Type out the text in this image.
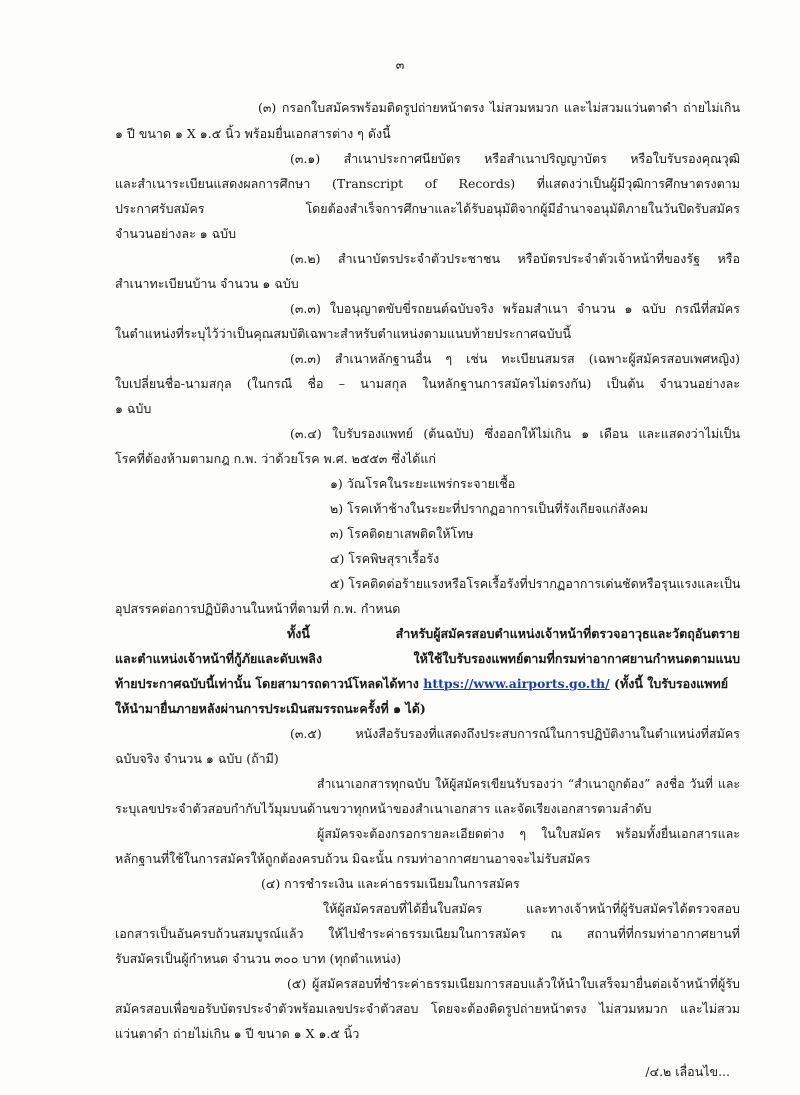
๓
(๓) กรอกใบสมัครพร้อมติดรูปถ่ายหน้าตรง ไม่สวมหมวก และไม่สวมแว่นตาดำ ถ่ายไม่เกิน
๑ ปี ขนาด ๑ X ๑.๕ นิ้ว พร้อมยื่นเอกสารต่าง ๆ ดังนี้
(๓.๑) สำเนาประกาศนียบัตร หรือสำเนาปริญญาบัตร หรือใบรับรองคุณวุฒิ
และสำเนาระเบียนแสดงผลการศึกษา (Transcript of Records) ที่แสดงว่าเป็นผู้มีวุฒิการศึกษาตรงตาม
ประกาศรับสมัคร โดยต้องสำเร็จการศึกษาและได้รับอนุมัติจากผู้มีอำนาจอนุมัติภายในวันปิดรับสมัคร
จำนวนอย่างละ ๑ ฉบับ
(๓.๒) สำเนาบัตรประจำตัวประชาชน หรือบัตรประจำตัวเจ้าหน้าที่ของรัฐ หรือ
สำเนาทะเบียนบ้าน จำนวน ๑ ฉบับ
(๓.๓) ใบอนุญาตขับขี่รถยนต์ฉบับจริง พร้อมสำเนา จำนวน ๑ ฉบับ กรณีที่สมัคร
ในตำแหน่งที่ระบุไว้ว่าเป็นคุณสมบัติเฉพาะสำหรับตำแหน่งตามแนบท้ายประกาศฉบับนี้
(๓.๓) สำเนาหลักฐานอื่น ๆ เช่น ทะเบียนสมรส (เฉพาะผู้สมัครสอบเพศหญิง)
ใบเปลี่ยนชื่อ-นามสกุล (ในกรณี ชื่อ – นามสกุล ในหลักฐานการสมัครไม่ตรงกัน) เป็นต้น จำนวนอย่างละ
๑ ฉบับ
(๓.๔) ใบรับรองแพทย์ (ต้นฉบับ) ซึ่งออกให้ไม่เกิน ๑ เดือน และแสดงว่าไม่เป็น
โรคที่ต้องห้ามตามกฎ ก.พ. ว่าด้วยโรค พ.ศ. ๒๕๕๓ ซึ่งได้แก่
๑) วัณโรคในระยะแพร่กระจายเชื้อ
๒) โรคเท้าช้างในระยะที่ปรากฏอาการเป็นที่รังเกียจแก่สังคม
๓) โรคติดยาเสพติดให้โทษ
๔) โรคพิษสุราเรื้อรัง
๕) โรคติดต่อร้ายแรงหรือโรคเรื้อรังที่ปรากฏอาการเด่นชัดหรือรุนแรงและเป็น
อุปสรรคต่อการปฏิบัติงานในหน้าที่ตามที่ ก.พ. กำหนด
ทั้งนี้ สำหรับผู้สมัครสอบตำแหน่งเจ้าหน้าที่ตรวจอาวุธและวัตถุอันตราย
และตำแหน่งเจ้าหน้าที่กู้ภัยและดับเพลิง ให้ใช้ใบรับรองแพทย์ตามที่กรมท่าอากาศยานกำหนดตามแนบ
ท้ายประกาศฉบับนี้เท่านั้น โดยสามารถดาวน์โหลดได้ทาง https://www.airports.go.th/ (ทั้งนี้ ใบรับรองแพทย์
ให้นำมายื่นภายหลังผ่านการประเมินสมรรถนะครั้งที่ ๑ ได้)
(๓.๕) หนังสือรับรองที่แสดงถึงประสบการณ์ในการปฏิบัติงานในตำแหน่งที่สมัคร
ฉบับจริง จำนวน ๑ ฉบับ (ถ้ามี)
สำเนาเอกสารทุกฉบับ ให้ผู้สมัครเขียนรับรองว่า “สำเนาถูกต้อง” ลงชื่อ วันที่ และ
ระบุเลขประจำตัวสอบกำกับไว้มุมบนด้านขวาทุกหน้าของสำเนาเอกสาร และจัดเรียงเอกสารตามลำดับ
ผู้สมัครจะต้องกรอกรายละเอียดต่าง ๆ ในใบสมัคร พร้อมทั้งยื่นเอกสารและ
หลักฐานที่ใช้ในการสมัครให้ถูกต้องครบถ้วน มิฉะนั้น กรมท่าอากาศยานอาจจะไม่รับสมัคร
(๔) การชำระเงิน และค่าธรรมเนียมในการสมัคร
ให้ผู้สมัครสอบที่ได้ยื่นใบสมัคร และทางเจ้าหน้าที่ผู้รับสมัครได้ตรวจสอบ
เอกสารเป็นอันครบถ้วนสมบูรณ์แล้ว ให้ไปชำระค่าธรรมเนียมในการสมัคร ณ สถานที่ที่กรมท่าอากาศยานที่
รับสมัครเป็นผู้กำหนด จำนวน ๓๐๐ บาท (ทุกตำแหน่ง)
(๕) ผู้สมัครสอบที่ชำระค่าธรรมเนียมการสอบแล้วให้นำใบเสร็จมายื่นต่อเจ้าหน้าที่ผู้รับ
สมัครสอบเพื่อขอรับบัตรประจำตัวพร้อมเลขประจำตัวสอบ โดยจะต้องติดรูปถ่ายหน้าตรง ไม่สวมหมวก และไม่สวม
แว่นตาดำ ถ่ายไม่เกิน ๑ ปี ขนาด ๑ X ๑.๕ นิ้ว
/๔.๒ เลื่อนไข...
